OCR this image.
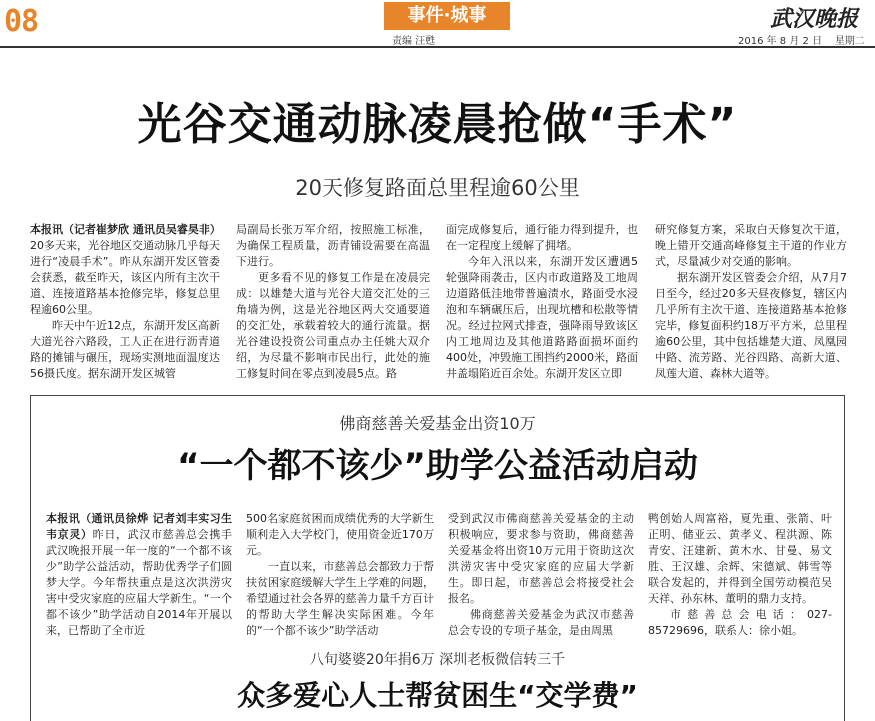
08	事件·城事
责编 汪甦
武汉晚报
2016 年 8 月 2 日 星期二
光谷交通动脉凌晨抢做“手术”
20天修复路面总里程逾60公里

本报讯（记者崔梦欣 通讯员吴睿昊非）20多天来，光谷地区交通动脉几乎每天进行“凌晨手术”。昨从东湖开发区管委会获悉，截至昨天，该区内所有主次干道、连接道路基本抢修完毕，修复总里程逾60公里。

昨天中午近12点，东湖开发区高新大道光谷六路段，工人正在进行沥青道路的摊铺与碾压，现场实测地面温度达56摄氏度。据东湖开发区城管

局副局长张万军介绍，按照施工标准，为确保工程质量，沥青铺设需要在高温下进行。

更多看不见的修复工作是在凌晨完成：以雄楚大道与光谷大道交汇处的三角墙为例，这是光谷地区两大交通要道的交汇处，承载着较大的通行流量。据光谷建设投资公司重点办主任姚大双介绍，为尽量不影响市民出行，此处的施工修复时间在零点到凌晨5点。路

面完成修复后，通行能力得到提升，也在一定程度上缓解了拥堵。

今年入汛以来，东湖开发区遭遇5轮强降雨袭击，区内市政道路及工地周边道路低洼地带普遍渍水，路面受水浸泡和车辆碾压后，出现坑槽和松散等情况。经过拉网式排查，强降雨导致该区内工地周边及其他道路路面损坏面约400处，冲毁施工围挡约2000米，路面井盖塌陷近百余处。东湖开发区立即

研究修复方案，采取白天修复次干道，晚上错开交通高峰修复主干道的作业方式，尽量减少对交通的影响。

据东湖开发区管委会介绍，从7月7日至今，经过20多天昼夜修复，辖区内几乎所有主次干道、连接道路基本抢修完毕，修复面积约18万平方米，总里程逾60公里，其中包括雄楚大道、凤凰园中路、流芳路、光谷四路、高新大道、凤莲大道、森林大道等。

佛商慈善关爱基金出资10万
“一个都不该少”助学公益活动启动

本报讯（通讯员徐烨 记者刘丰实习生韦京灵）昨日，武汉市慈善总会携手武汉晚报开展一年一度的“一个都不该少”助学公益活动，帮助优秀学子们圆梦大学。今年帮扶重点是这次洪涝灾害中受灾家庭的应届大学新生。“一个都不该少”助学活动自2014年开展以来，已帮助了全市近

500名家庭贫困而成绩优秀的大学新生顺利走入大学校门，使用资金近170万元。

一直以来，市慈善总会都致力于帮扶贫困家庭缓解大学生上学难的问题，希望通过社会各界的慈善力量千方百计的帮助大学生解决实际困难。今年的“一个都不该少”助学活动

受到武汉市佛商慈善关爱基金的主动积极响应，要求参与资助，佛商慈善关爱基金将出资10万元用于资助这次洪涝灾害中受灾家庭的应届大学新生。即日起，市慈善总会将接受社会报名。

佛商慈善关爱基金为武汉市慈善总会专设的专项子基金，是由周黑

鸭创始人周富裕，夏先重、张箭、叶正明、储亚云、黄孝义、程洪源、陈青安、汪建新、黄木水、甘曼、易文胜、王汉雄、余辉、宋德斌、韩雪等联合发起的，并得到全国劳动模范吴天祥、孙东林、董明的鼎力支持。

市慈善总会电话：027-85729696，联系人：徐小姐。

八旬婆婆20年捐6万 深圳老板微信转三千
众多爱心人士帮贫困生“交学费”
